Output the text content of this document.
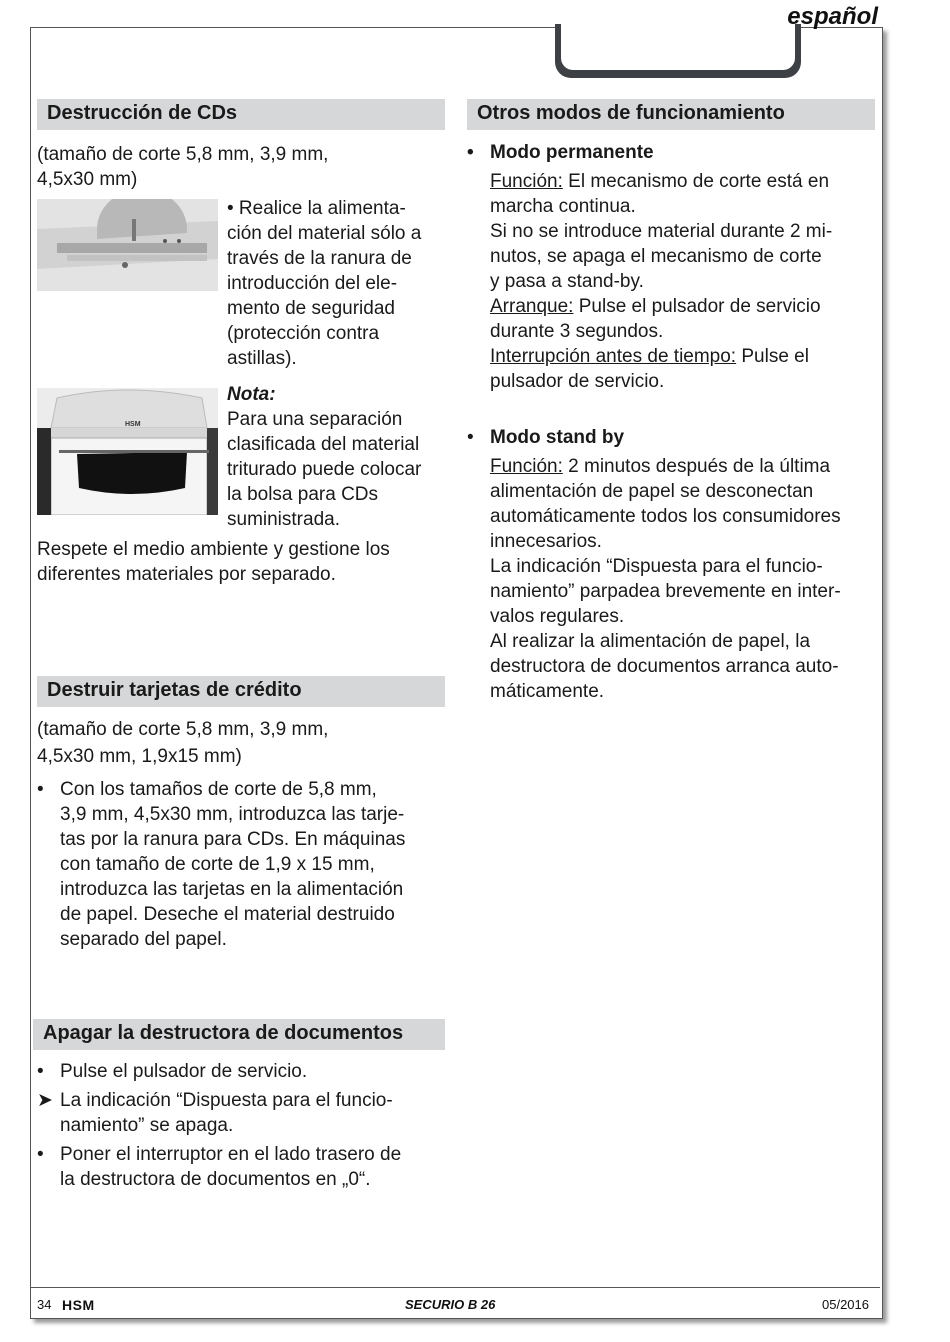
español
Destrucción de CDs

(tamaño de corte 5,8 mm, 3,9 mm,

4,5x30 mm)

• Realice la alimenta-

ción del material sólo a

través de la ranura de

introducción del ele-

mento de seguridad

(protección contra

astillas).

HSM

Nota:

Para una separación

clasificada del material

triturado puede colocar

la bolsa para CDs

suministrada.

Respete el medio ambiente y gestione los

diferentes materiales por separado.

Destruir tarjetas de crédito

(tamaño de corte 5,8 mm, 3,9 mm,

4,5x30 mm, 1,9x15 mm)

• Con los tamaños de corte de 5,8 mm,

3,9 mm, 4,5x30 mm, introduzca las tarje-

tas por la ranura para CDs. En máquinas

con tamaño de corte de 1,9 x 15 mm,

introduzca las tarjetas en la alimentación

de papel. Deseche el material destruido

separado del papel.

Apagar la destructora de documentos
• Pulse el pulsador de servicio.

➤ La indicación “Dispuesta para el funcio-

namiento” se apaga.

• Poner el interruptor en el lado trasero de

la destructora de documentos en „0“.

Otros modos de funcionamiento
• Modo permanente

Función: El mecanismo de corte está en

marcha continua.

Si no se introduce material durante 2 mi-

nutos, se apaga el mecanismo de corte

y pasa a stand-by.

Arranque: Pulse el pulsador de servicio

durante 3 segundos.

Interrupción antes de tiempo: Pulse el

pulsador de servicio.

• Modo stand by

Función: 2 minutos después de la última

alimentación de papel se desconectan

automáticamente todos los consumidores

innecesarios.

La indicación “Dispuesta para el funcio-

namiento” parpadea brevemente en inter-

valos regulares.

Al realizar la alimentación de papel, la

destructora de documentos arranca auto-

máticamente.

34 HSM	SECURIO B 26	05/2016
